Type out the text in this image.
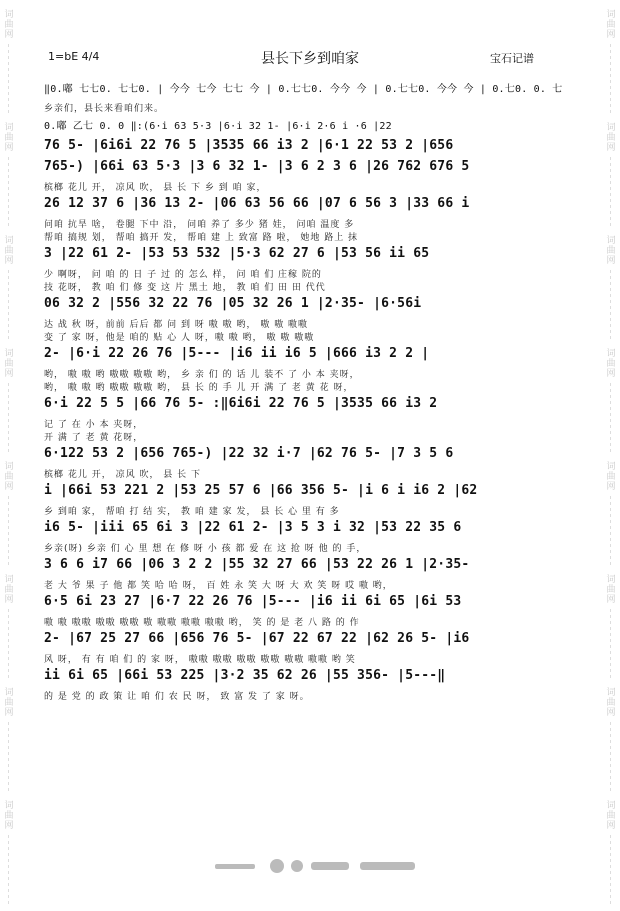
词
曲
网
词
曲
网
词
曲
网
词
曲
网
词
曲
网
词
曲
网
词
曲
网
词
曲
网
词
曲
网
词
曲
网
词
曲
网
词
曲
网
词
曲
网
词
曲
网
词
曲
网
词
曲
网
1=bE 4/4	县长下乡到咱家	宝石记谱
‖0.嘟 七七0. 七七0. | 今今 七今 七七 今 | 0.七七0. 今今 今 | 0.七七0. 今今 今 | 0.七0. 0. 七
乡亲们，县长来看咱们来。
0.嘟 乙七 0. 0 ‖:(6·i 63 5·3 |6·i 32 1- |6·i 2·6 i ·6 |22
76 5- |6i6i 22 76 5 |3535 66 i3 2 |6·1 22 53 2 |656
765-) |66i 63 5·3 |3 6 32 1- |3 6 2 3 6 |26 762 676 5
槟榔 花儿 开， 凉风 吹， 县 长 下 乡 到 咱 家，
26 12 37 6 |36 13 2- |06 63 56 66 |07 6 56 3 |33 66 i
问咱 抗旱 啥， 卷腿 下中 沿， 问咱 养了 多少 猪 娃， 问咱 温度 多
帮咱 搞规 划， 帮咱 搞开 发， 帮咱 建 上 致富 路 啦， 她地 路上 抹
3 |22 61 2- |53 53 532 |5·3 62 27 6 |53 56 ii 65
少 啊呀， 问 咱 的 日 子 过 的 怎么 样， 问 咱 们 庄稼 院的
技 花呀， 教 咱 们 修 变 这 片 黑土 地， 教 咱 们 田 田 代代
06 32 2 |556 32 22 76 |05 32 26 1 |2·35- |6·56i
达 战 秋 呀，前前 后后 都 问 到 呀 嗷 嗷 哟， 嗷 嗷 嗷嗷
变 了 家 呀，他是 咱的 贴 心 人 呀，嗷 嗷 哟， 嗷 嗷 嗷嗷
2- |6·i 22 26 76 |5--- |i6 ii i6 5 |666 i3 2 2 |
哟， 嗷 嗷 哟 嗷嗷 嗷嗷 哟， 乡 亲 们 的 话 儿 装不 了 小 本 夹呀，
哟， 嗷 嗷 哟 嗷嗷 嗷嗷 哟， 县 长 的 手 儿 开 满 了 老 黄 花 呀，
6·i 22 5 5 |66 76 5- :‖6i6i 22 76 5 |3535 66 i3 2
记 了 在 小 本 夹呀，
开 满 了 老 黄 花呀，
6·122 53 2 |656 765-) |22 32 i·7 |62 76 5- |7 3 5 6
槟榔 花儿 开， 凉风 吹， 县 长 下
i |66i 53 221 2 |53 25 57 6 |66 356 5- |i 6 i i6 2 |62
乡 到咱 家， 帮咱 打 结 实， 教 咱 建 家 发， 县 长 心 里 有 多
i6 5- |iii 65 6i 3 |22 61 2- |3 5 3 i 32 |53 22 35 6
乡亲(呀) 乡亲 们 心 里 想 在 修 呀 小 孩 都 爱 在 这 抢 呀 他 的 手，
3 6 6 i7 66 |06 3 2 2 |55 32 27 66 |53 22 26 1 |2·35-
老 大 爷 果 子 他 都 笑 哈 哈 呀， 百 姓 永 笑 大 呀 大 欢 笑 呀 哎 嗷 哟，
6·5 6i 23 27 |6·7 22 26 76 |5--- |i6 ii 6i 65 |6i 53
嗷 嗷 嗷嗷 嗷嗷 嗷嗷 嗷 嗷嗷 嗷嗷 嗷嗷 哟， 笑 的 是 老 八 路 的 作
2- |67 25 27 66 |656 76 5- |67 22 67 22 |62 26 5- |i6
风 呀， 有 有 咱 们 的 家 呀， 嗷嗷 嗷嗷 嗷嗷 嗷嗷 嗷嗷 嗷嗷 哟 笑
ii 6i 65 |66i 53 225 |3·2 35 62 26 |55 356- |5---‖
的 是 党 的 政 策 让 咱 们 农 民 呀， 致 富 发 了 家 呀。
